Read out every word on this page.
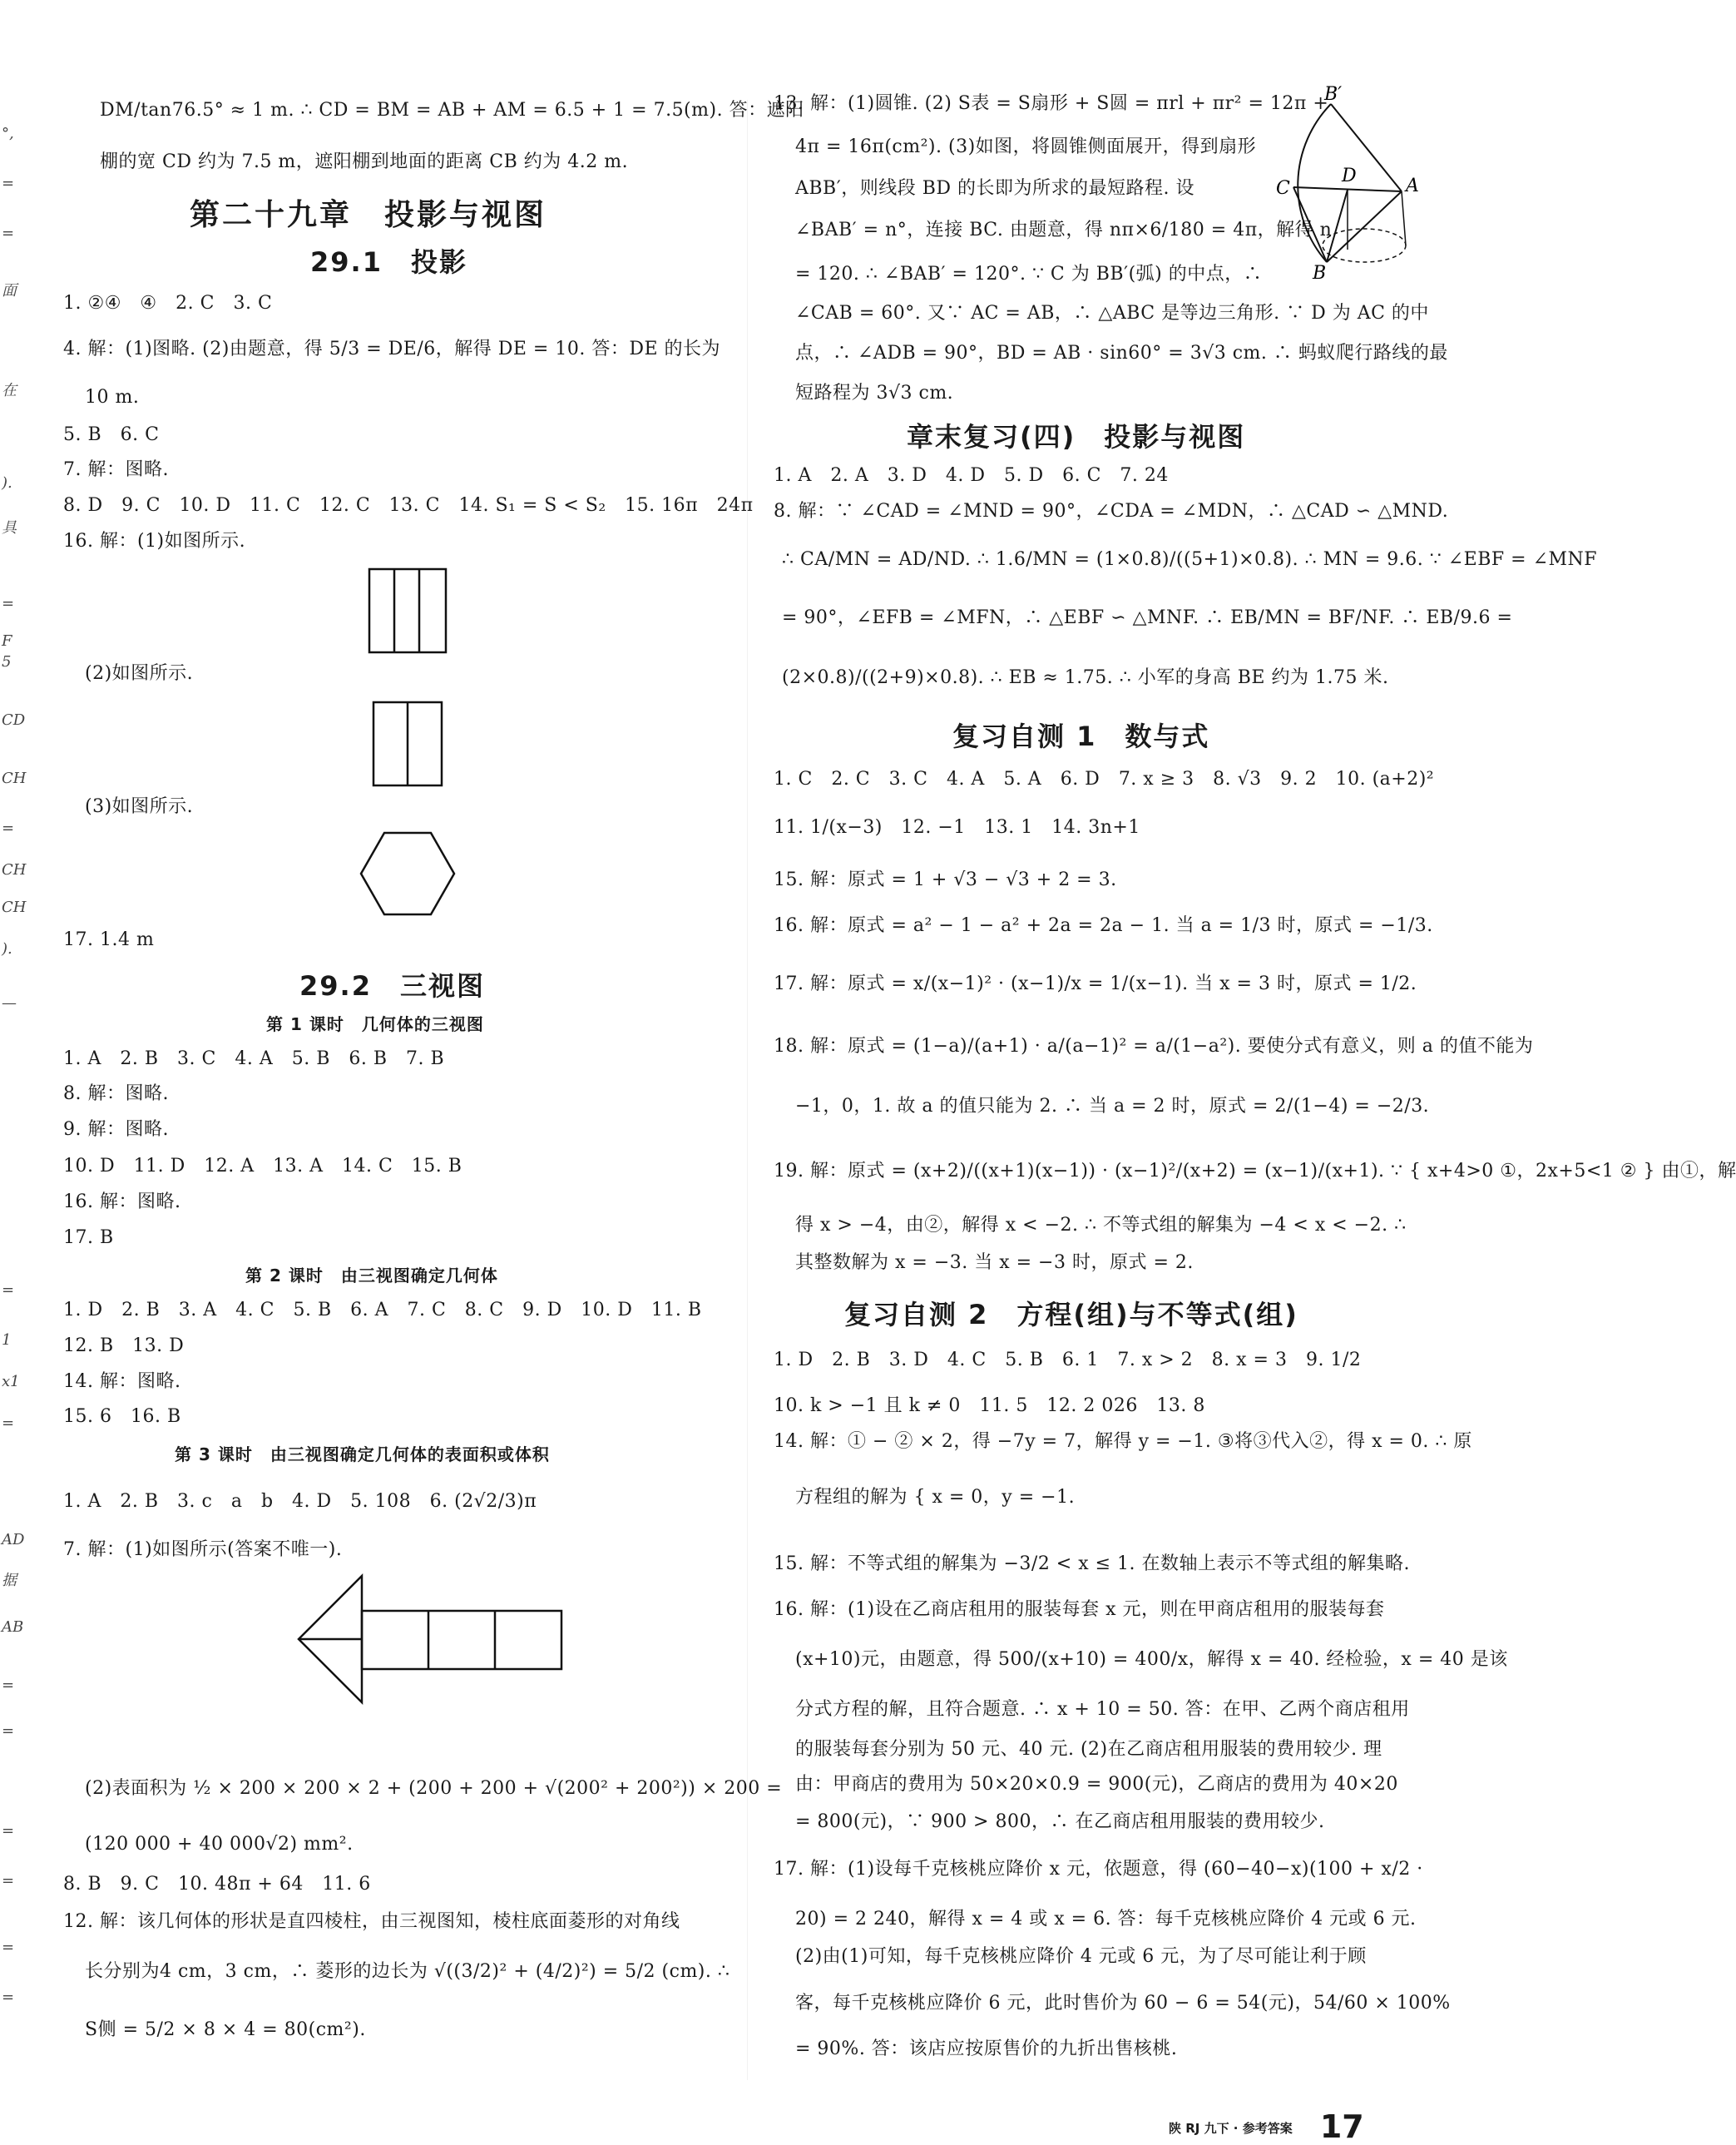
°,
=
=
面
在
).
具
=
F
5
CD
CH
=
CH
CH
).
—
=
1
x1
=
AD
据
AB
=
=
=
=
=
=
DM/tan76.5° ≈ 1 m. ∴ CD = BM = AB + AM = 6.5 + 1 = 7.5(m). 答：遮阳
棚的宽 CD 约为 7.5 m，遮阳棚到地面的距离 CB 约为 4.2 m.
第二十九章　投影与视图
29.1　投影
1. ②④　④　2. C　3. C
4. 解：(1)图略. (2)由题意，得 5/3 = DE/6，解得 DE = 10. 答：DE 的长为
10 m.
5. B　6. C
7. 解：图略.
8. D　9. C　10. D　11. C　12. C　13. C　14. S₁ = S < S₂　15. 16π　24π
16. 解：(1)如图所示.
(2)如图所示.
(3)如图所示.
17. 1.4 m
29.2　三视图
第 1 课时　几何体的三视图
1. A　2. B　3. C　4. A　5. B　6. B　7. B
8. 解：图略.
9. 解：图略.
10. D　11. D　12. A　13. A　14. C　15. B
16. 解：图略.
17. B
第 2 课时　由三视图确定几何体
1. D　2. B　3. A　4. C　5. B　6. A　7. C　8. C　9. D　10. D　11. B
12. B　13. D
14. 解：图略.
15. 6　16. B
第 3 课时　由三视图确定几何体的表面积或体积
1. A　2. B　3. c　a　b　4. D　5. 108　6. (2√2/3)π
7. 解：(1)如图所示(答案不唯一).
(2)表面积为 ½ × 200 × 200 × 2 + (200 + 200 + √(200² + 200²)) × 200 =
(120 000 + 40 000√2) mm².
8. B　9. C　10. 48π + 64　11. 6
12. 解：该几何体的形状是直四棱柱，由三视图知，棱柱底面菱形的对角线
长分别为4 cm，3 cm，∴ 菱形的边长为 √((3/2)² + (4/2)²) = 5/2 (cm). ∴
S侧 = 5/2 × 8 × 4 = 80(cm²).
13. 解：(1)圆锥. (2) S表 = S扇形 + S圆 = πrl + πr² = 12π +
4π = 16π(cm²). (3)如图，将圆锥侧面展开，得到扇形
ABB′，则线段 BD 的长即为所求的最短路程. 设
∠BAB′ = n°，连接 BC. 由题意，得 nπ×6/180 = 4π，解得 n
= 120. ∴ ∠BAB′ = 120°. ∵ C 为 BB′(弧) 的中点，∴
∠CAB = 60°. 又∵ AC = AB，∴ △ABC 是等边三角形. ∵ D 为 AC 的中
点，∴ ∠ADB = 90°，BD = AB · sin60° = 3√3 cm. ∴ 蚂蚁爬行路线的最
短路程为 3√3 cm.
B′
C
D	A
B
章末复习(四)　投影与视图
1. A　2. A　3. D　4. D　5. D　6. C　7. 24
8. 解：∵ ∠CAD = ∠MND = 90°，∠CDA = ∠MDN，∴ △CAD ∽ △MND.
∴ CA/MN = AD/ND. ∴ 1.6/MN = (1×0.8)/((5+1)×0.8). ∴ MN = 9.6. ∵ ∠EBF = ∠MNF
= 90°，∠EFB = ∠MFN，∴ △EBF ∽ △MNF. ∴ EB/MN = BF/NF. ∴ EB/9.6 =
(2×0.8)/((2+9)×0.8). ∴ EB ≈ 1.75. ∴ 小军的身高 BE 约为 1.75 米.
复习自测 1　数与式
1. C　2. C　3. C　4. A　5. A　6. D　7. x ≥ 3　8. √3　9. 2　10. (a+2)²
11. 1/(x−3)　12. −1　13. 1　14. 3n+1
15. 解：原式 = 1 + √3 − √3 + 2 = 3.
16. 解：原式 = a² − 1 − a² + 2a = 2a − 1. 当 a = 1/3 时，原式 = −1/3.
17. 解：原式 = x/(x−1)² · (x−1)/x = 1/(x−1). 当 x = 3 时，原式 = 1/2.
18. 解：原式 = (1−a)/(a+1) · a/(a−1)² = a/(1−a²). 要使分式有意义，则 a 的值不能为
−1，0，1. 故 a 的值只能为 2. ∴ 当 a = 2 时，原式 = 2/(1−4) = −2/3.
19. 解：原式 = (x+2)/((x+1)(x−1)) · (x−1)²/(x+2) = (x−1)/(x+1). ∵ { x+4>0 ①，2x+5<1 ② } 由①，解
得 x > −4，由②，解得 x < −2. ∴ 不等式组的解集为 −4 < x < −2. ∴
其整数解为 x = −3. 当 x = −3 时，原式 = 2.
复习自测 2　方程(组)与不等式(组)
1. D　2. B　3. D　4. C　5. B　6. 1　7. x > 2　8. x = 3　9. 1/2
10. k > −1 且 k ≠ 0　11. 5　12. 2 026　13. 8
14. 解：① − ② × 2，得 −7y = 7，解得 y = −1. ③将③代入②，得 x = 0. ∴ 原
方程组的解为 { x = 0，y = −1.
15. 解：不等式组的解集为 −3/2 < x ≤ 1. 在数轴上表示不等式组的解集略.
16. 解：(1)设在乙商店租用的服装每套 x 元，则在甲商店租用的服装每套
(x+10)元，由题意，得 500/(x+10) = 400/x，解得 x = 40. 经检验，x = 40 是该
分式方程的解，且符合题意. ∴ x + 10 = 50. 答：在甲、乙两个商店租用
的服装每套分别为 50 元、40 元. (2)在乙商店租用服装的费用较少. 理
由：甲商店的费用为 50×20×0.9 = 900(元)，乙商店的费用为 40×20
= 800(元)，∵ 900 > 800，∴ 在乙商店租用服装的费用较少.
17. 解：(1)设每千克核桃应降价 x 元，依题意，得 (60−40−x)(100 + x/2 ·
20) = 2 240，解得 x = 4 或 x = 6. 答：每千克核桃应降价 4 元或 6 元.
(2)由(1)可知，每千克核桃应降价 4 元或 6 元，为了尽可能让利于顾
客，每千克核桃应降价 6 元，此时售价为 60 − 6 = 54(元)，54/60 × 100%
= 90%. 答：该店应按原售价的九折出售核桃.
陕 RJ 九下 · 参考答案 17
